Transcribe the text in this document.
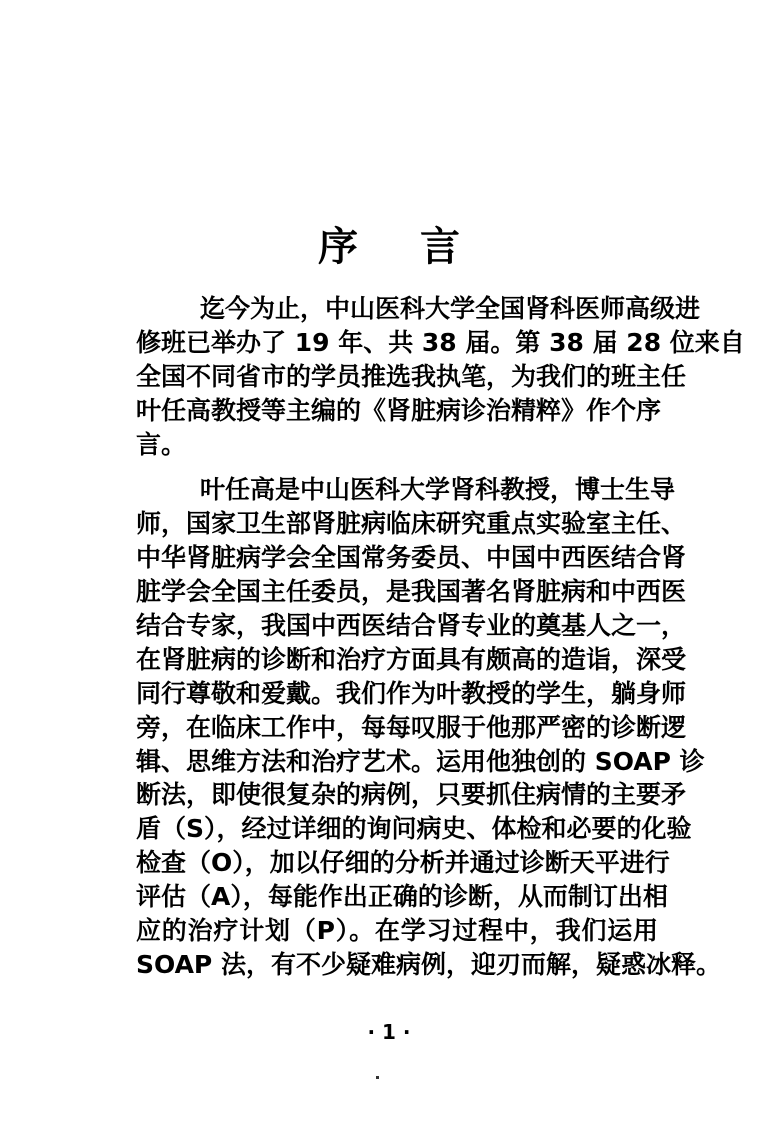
序 言
迄今为止，中山医科大学全国肾科医师高级进
修班已举办了 19 年、共 38 届。第 38 届 28 位来自
全国不同省市的学员推选我执笔，为我们的班主任
叶任高教授等主编的《肾脏病诊治精粹》作个序
言。
叶任高是中山医科大学肾科教授，博士生导
师，国家卫生部肾脏病临床研究重点实验室主任、
中华肾脏病学会全国常务委员、中国中西医结合肾
脏学会全国主任委员，是我国著名肾脏病和中西医
结合专家，我国中西医结合肾专业的奠基人之一，
在肾脏病的诊断和治疗方面具有颇高的造诣，深受
同行尊敬和爱戴。我们作为叶教授的学生，躺身师
旁，在临床工作中，每每叹服于他那严密的诊断逻
辑、思维方法和治疗艺术。运用他独创的 SOAP 诊
断法，即使很复杂的病例，只要抓住病情的主要矛
盾（S），经过详细的询问病史、体检和必要的化验
检查（O），加以仔细的分析并通过诊断天平进行
评估（A），每能作出正确的诊断，从而制订出相
应的治疗计划（P）。在学习过程中，我们运用
SOAP 法，有不少疑难病例，迎刃而解，疑惑冰释。
· 1 ·
